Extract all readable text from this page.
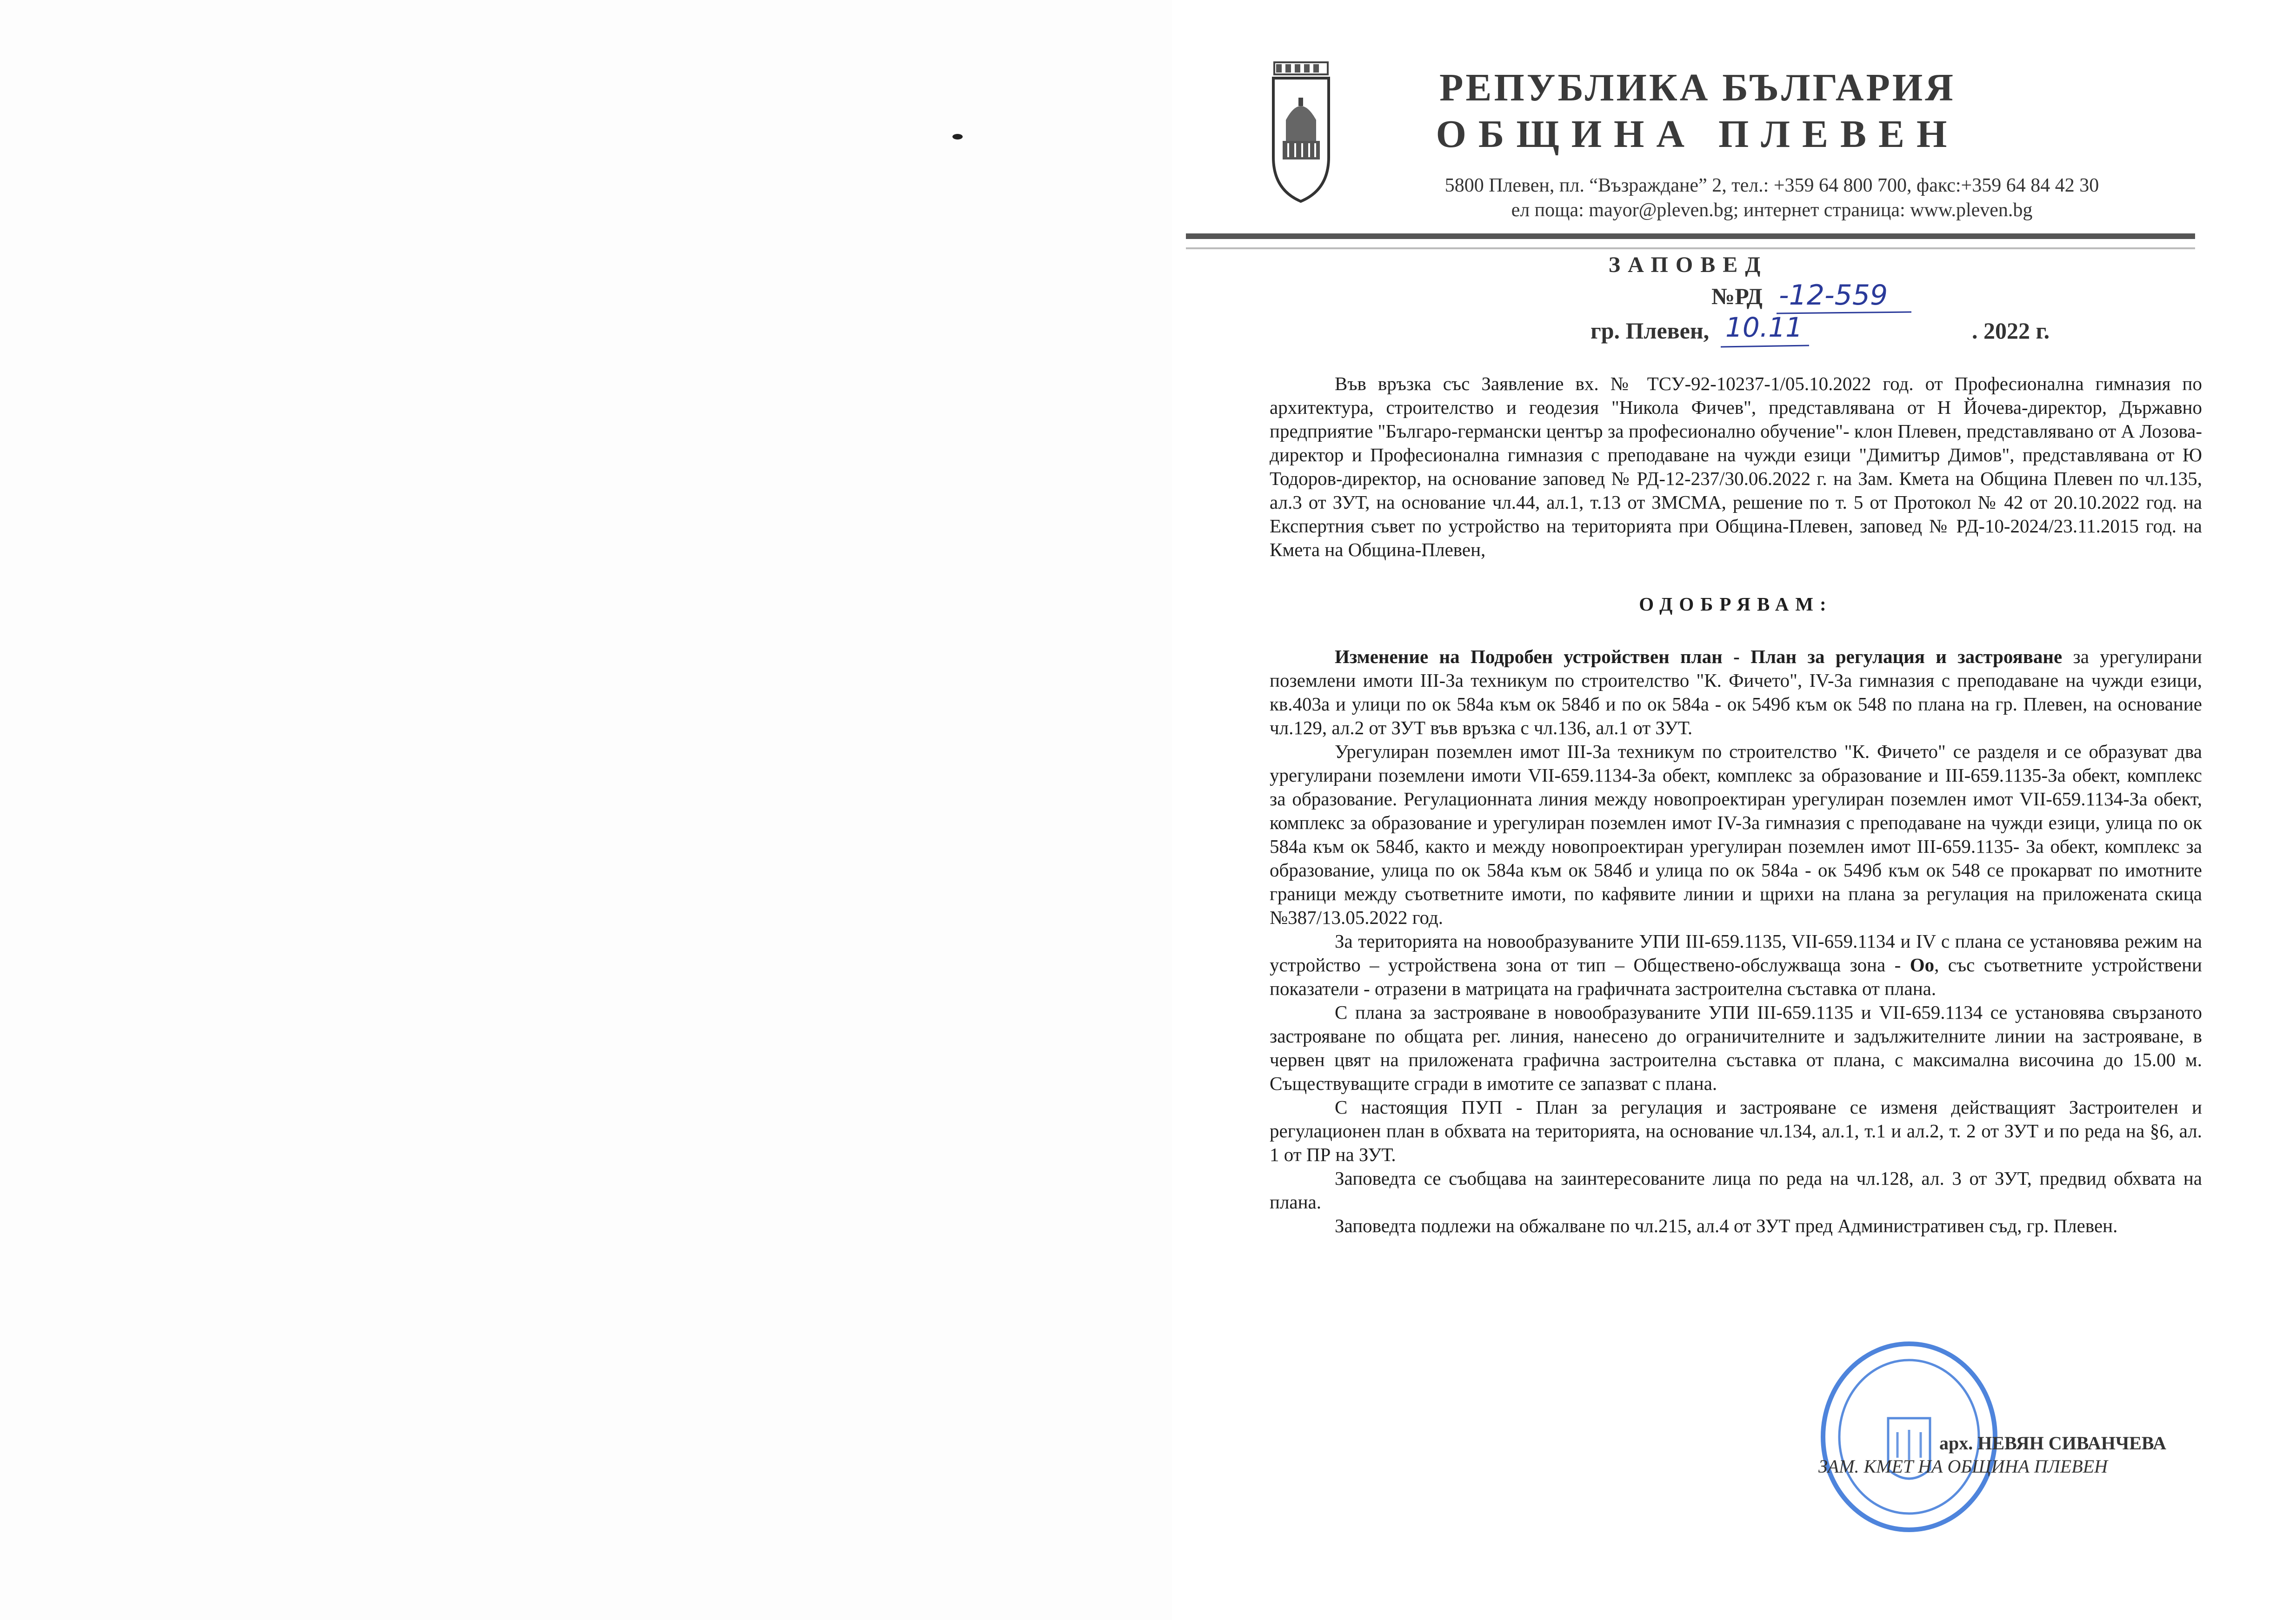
РЕПУБЛИКА БЪЛГАРИЯ
ОБЩИНА ПЛЕВЕН
5800 Плевен, пл. “Възраждане” 2, тел.: +359 64 800 700, факс:+359 64 84 42 30
ел поща: mayor@pleven.bg; интернет страница: www.pleven.bg
ЗАПОВЕД
№РД -12-559
гр. Плевен, 10.11	. 2022 г.

Във връзка със Заявление вх. № ТСУ-92-10237-1/05.10.2022 год. от Професионална гимназия по архитектура, строителство и геодезия "Никола Фичев", представлявана от Н Йочева-директор, Държавно предприятие "Българо-германски център за професионално обучение"- клон Плевен, представлявано от А Лозова-директор и Професионална гимназия с преподаване на чужди езици "Димитър Димов", представлявана от Ю Тодоров-директор, на основание заповед № РД-12-237/30.06.2022 г. на Зам. Кмета на Община Плевен по чл.135, ал.3 от ЗУТ, на основание чл.44, ал.1, т.13 от ЗМСМА, решение по т. 5 от Протокол № 42 от 20.10.2022 год. на Експертния съвет по устройство на територията при Община-Плевен, заповед № РД-10-2024/23.11.2015 год. на Кмета на Община-Плевен,

ОДОБРЯВАМ:

Изменение на Подробен устройствен план - План за регулация и застрояване за урегулирани поземлени имоти III-За техникум по строителство "К. Фичето", IV-За гимназия с преподаване на чужди езици, кв.403а и улици по ок 584а към ок 584б и по ок 584а - ок 549б към ок 548 по плана на гр. Плевен, на основание чл.129, ал.2 от ЗУТ във връзка с чл.136, ал.1 от ЗУТ.

Урегулиран поземлен имот III-За техникум по строителство "К. Фичето" се разделя и се образуват два урегулирани поземлени имоти VII-659.1134-За обект, комплекс за образование и III-659.1135-За обект, комплекс за образование. Регулационната линия между новопроектиран урегулиран поземлен имот VII-659.1134-За обект, комплекс за образование и урегулиран поземлен имот IV-За гимназия с преподаване на чужди езици, улица по ок 584а към ок 584б, както и между новопроектиран урегулиран поземлен имот III-659.1135- За обект, комплекс за образование, улица по ок 584а към ок 584б и улица по ок 584а - ок 549б към ок 548 се прокарват по имотните граници между съответните имоти, по кафявите линии и щрихи на плана за регулация на приложената скица №387/13.05.2022 год.

За територията на новообразуваните УПИ III-659.1135, VII-659.1134 и IV с плана се установява режим на устройство – устройствена зона от тип – Обществено-обслужваща зона - Оо, със съответните устройствени показатели - отразени в матрицата на графичната застроителна съставка от плана.

С плана за застрояване в новообразуваните УПИ III-659.1135 и VII-659.1134 се установява свързаното застрояване по общата рег. линия, нанесено до ограничителните и задължителните линии на застрояване, в червен цвят на приложената графична застроителна съставка от плана, с максимална височина до 15.00 м. Съществуващите сгради в имотите се запазват с плана.

С настоящия ПУП - План за регулация и застрояване се изменя действащият Застроителен и регулационен план в обхвата на територията, на основание чл.134, ал.1, т.1 и ал.2, т. 2 от ЗУТ и по реда на §6, ал. 1 от ПР на ЗУТ.

Заповедта се съобщава на заинтересованите лица по реда на чл.128, ал. 3 от ЗУТ, предвид обхвата на плана.

Заповедта подлежи на обжалване по чл.215, ал.4 от ЗУТ пред Административен съд, гр. Плевен.

арх. НЕВЯН СИВАНЧЕВА
ЗАМ. КМЕТ НА ОБЩИНА ПЛЕВЕН
